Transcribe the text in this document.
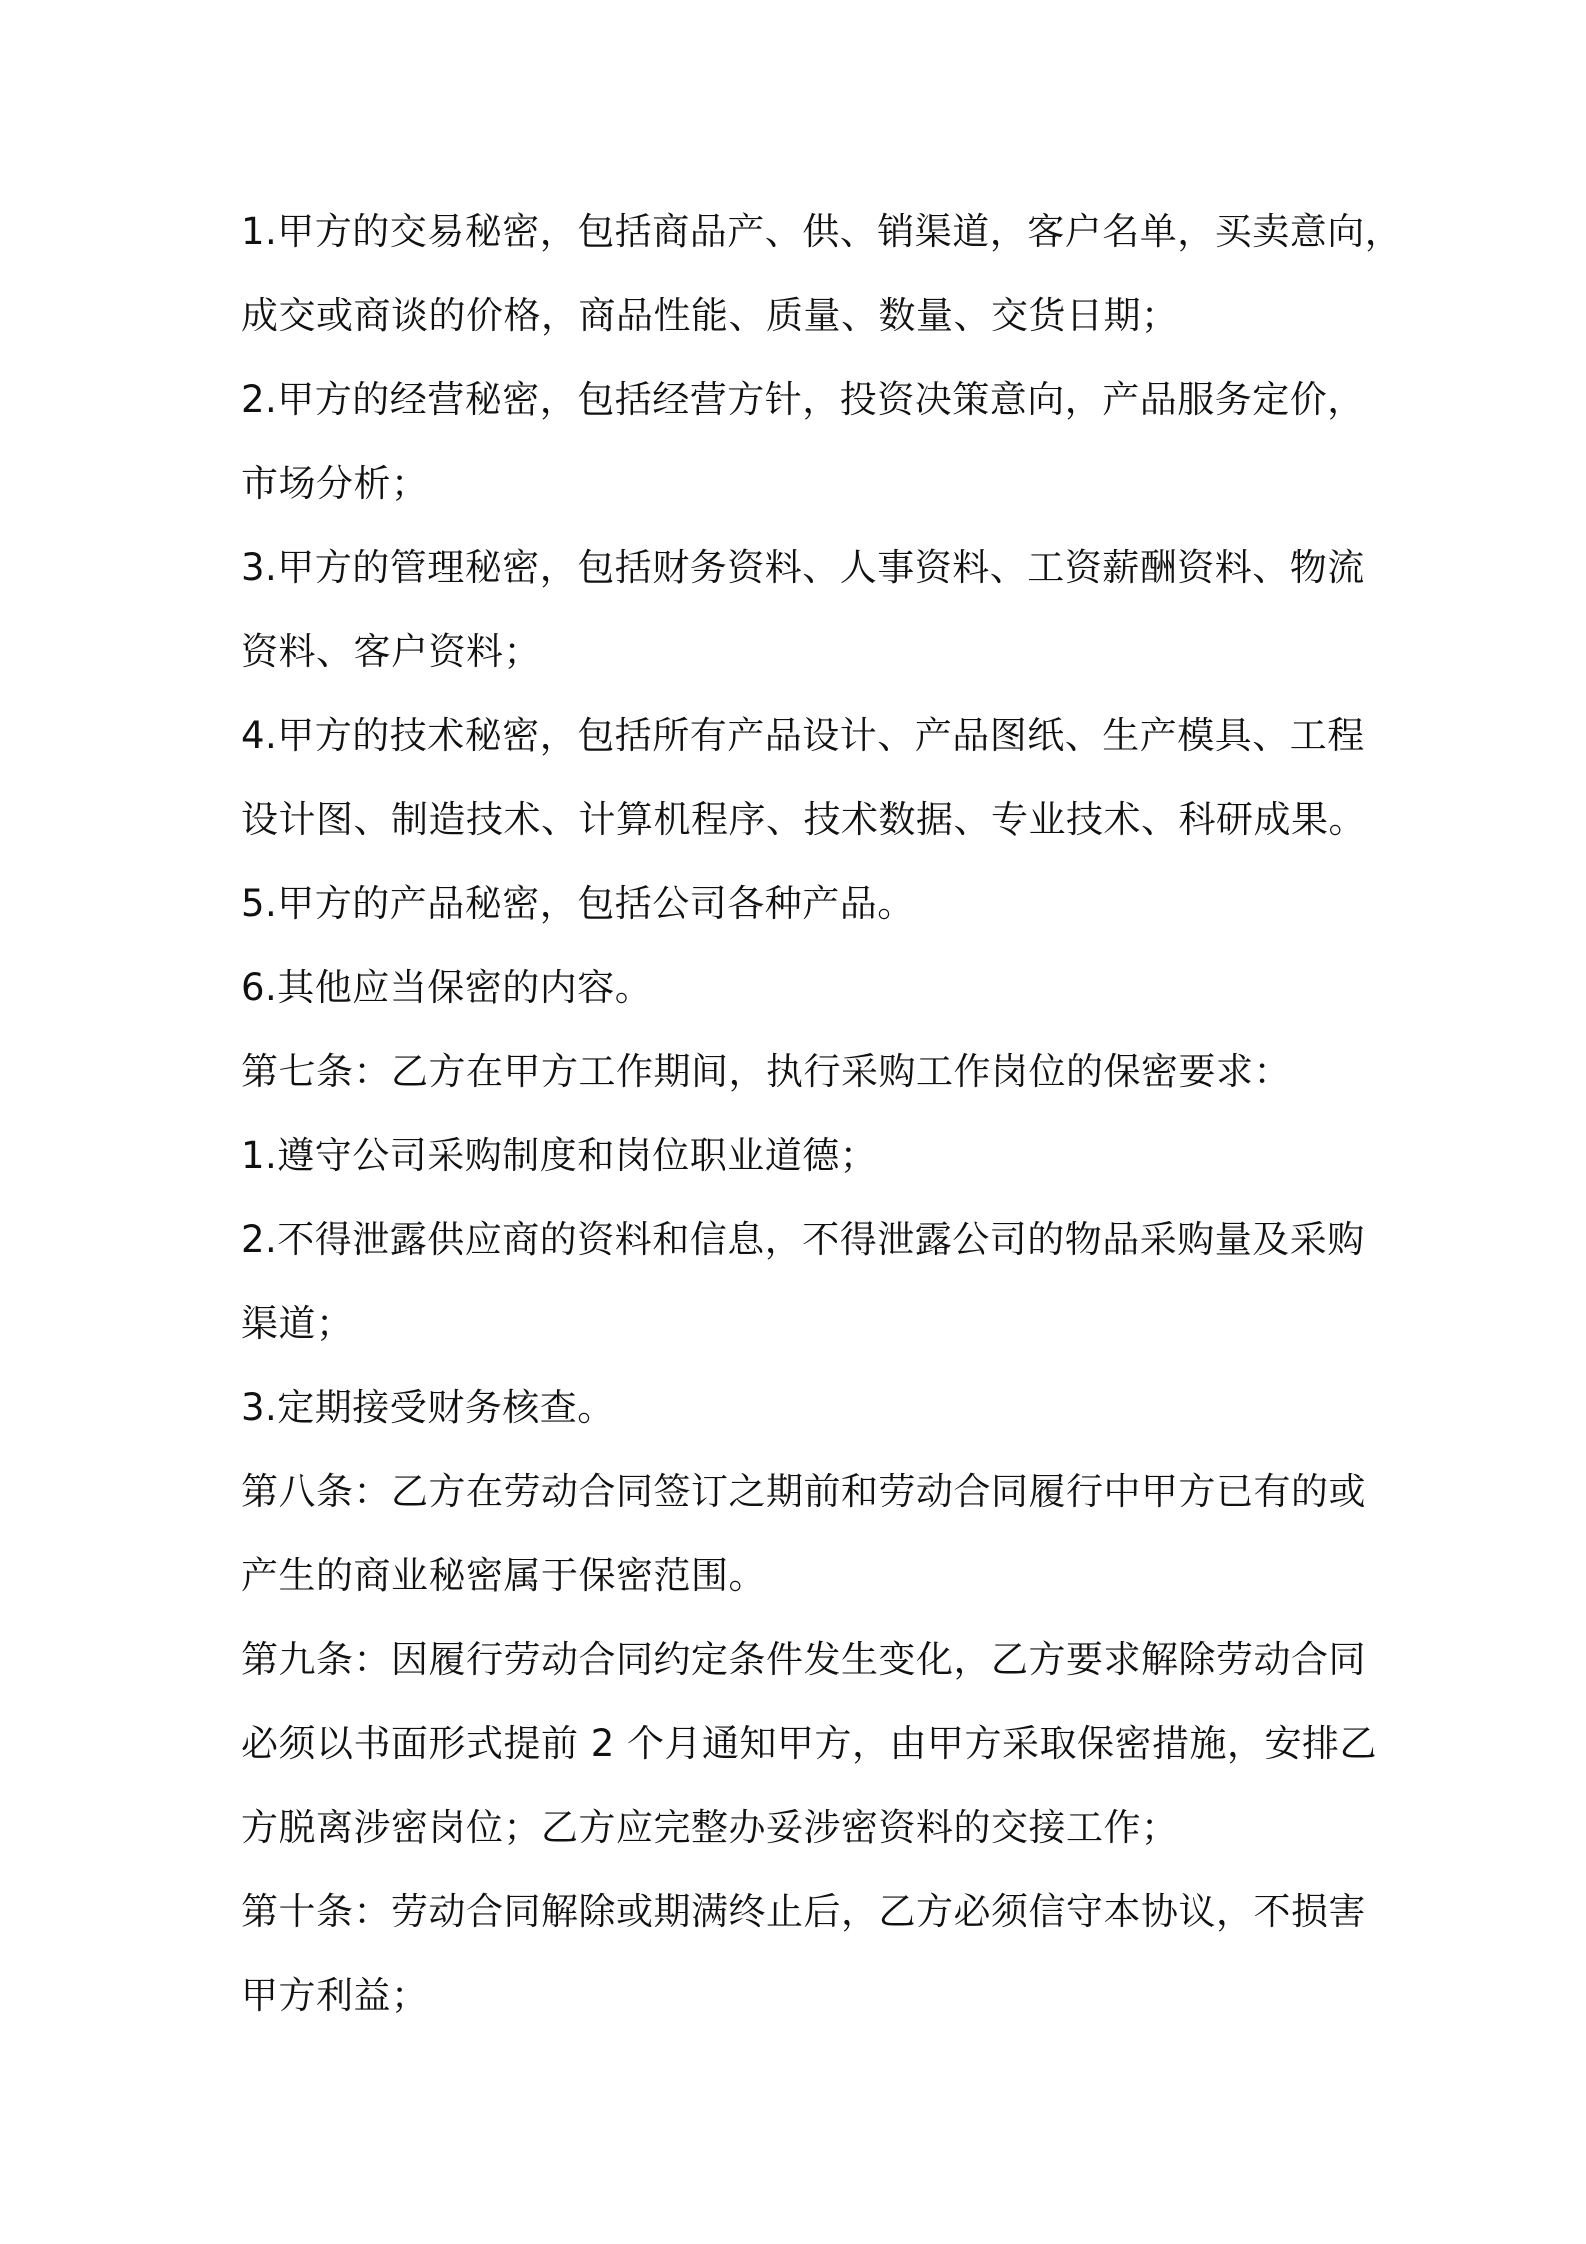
1.甲方的交易秘密，包括商品产、供、销渠道，客户名单，买卖意向，
成交或商谈的价格，商品性能、质量、数量、交货日期；
2.甲方的经营秘密，包括经营方针，投资决策意向，产品服务定价，
市场分析；
3.甲方的管理秘密，包括财务资料、人事资料、工资薪酬资料、物流
资料、客户资料；
4.甲方的技术秘密，包括所有产品设计、产品图纸、生产模具、工程
设计图、制造技术、计算机程序、技术数据、专业技术、科研成果。
5.甲方的产品秘密，包括公司各种产品。
6.其他应当保密的内容。
第七条：乙方在甲方工作期间，执行采购工作岗位的保密要求：
1.遵守公司采购制度和岗位职业道德；
2.不得泄露供应商的资料和信息，不得泄露公司的物品采购量及采购
渠道；
3.定期接受财务核查。
第八条：乙方在劳动合同签订之期前和劳动合同履行中甲方已有的或
产生的商业秘密属于保密范围。
第九条：因履行劳动合同约定条件发生变化，乙方要求解除劳动合同
必须以书面形式提前 2 个月通知甲方，由甲方采取保密措施，安排乙
方脱离涉密岗位；乙方应完整办妥涉密资料的交接工作；
第十条：劳动合同解除或期满终止后，乙方必须信守本协议，不损害
甲方利益；
